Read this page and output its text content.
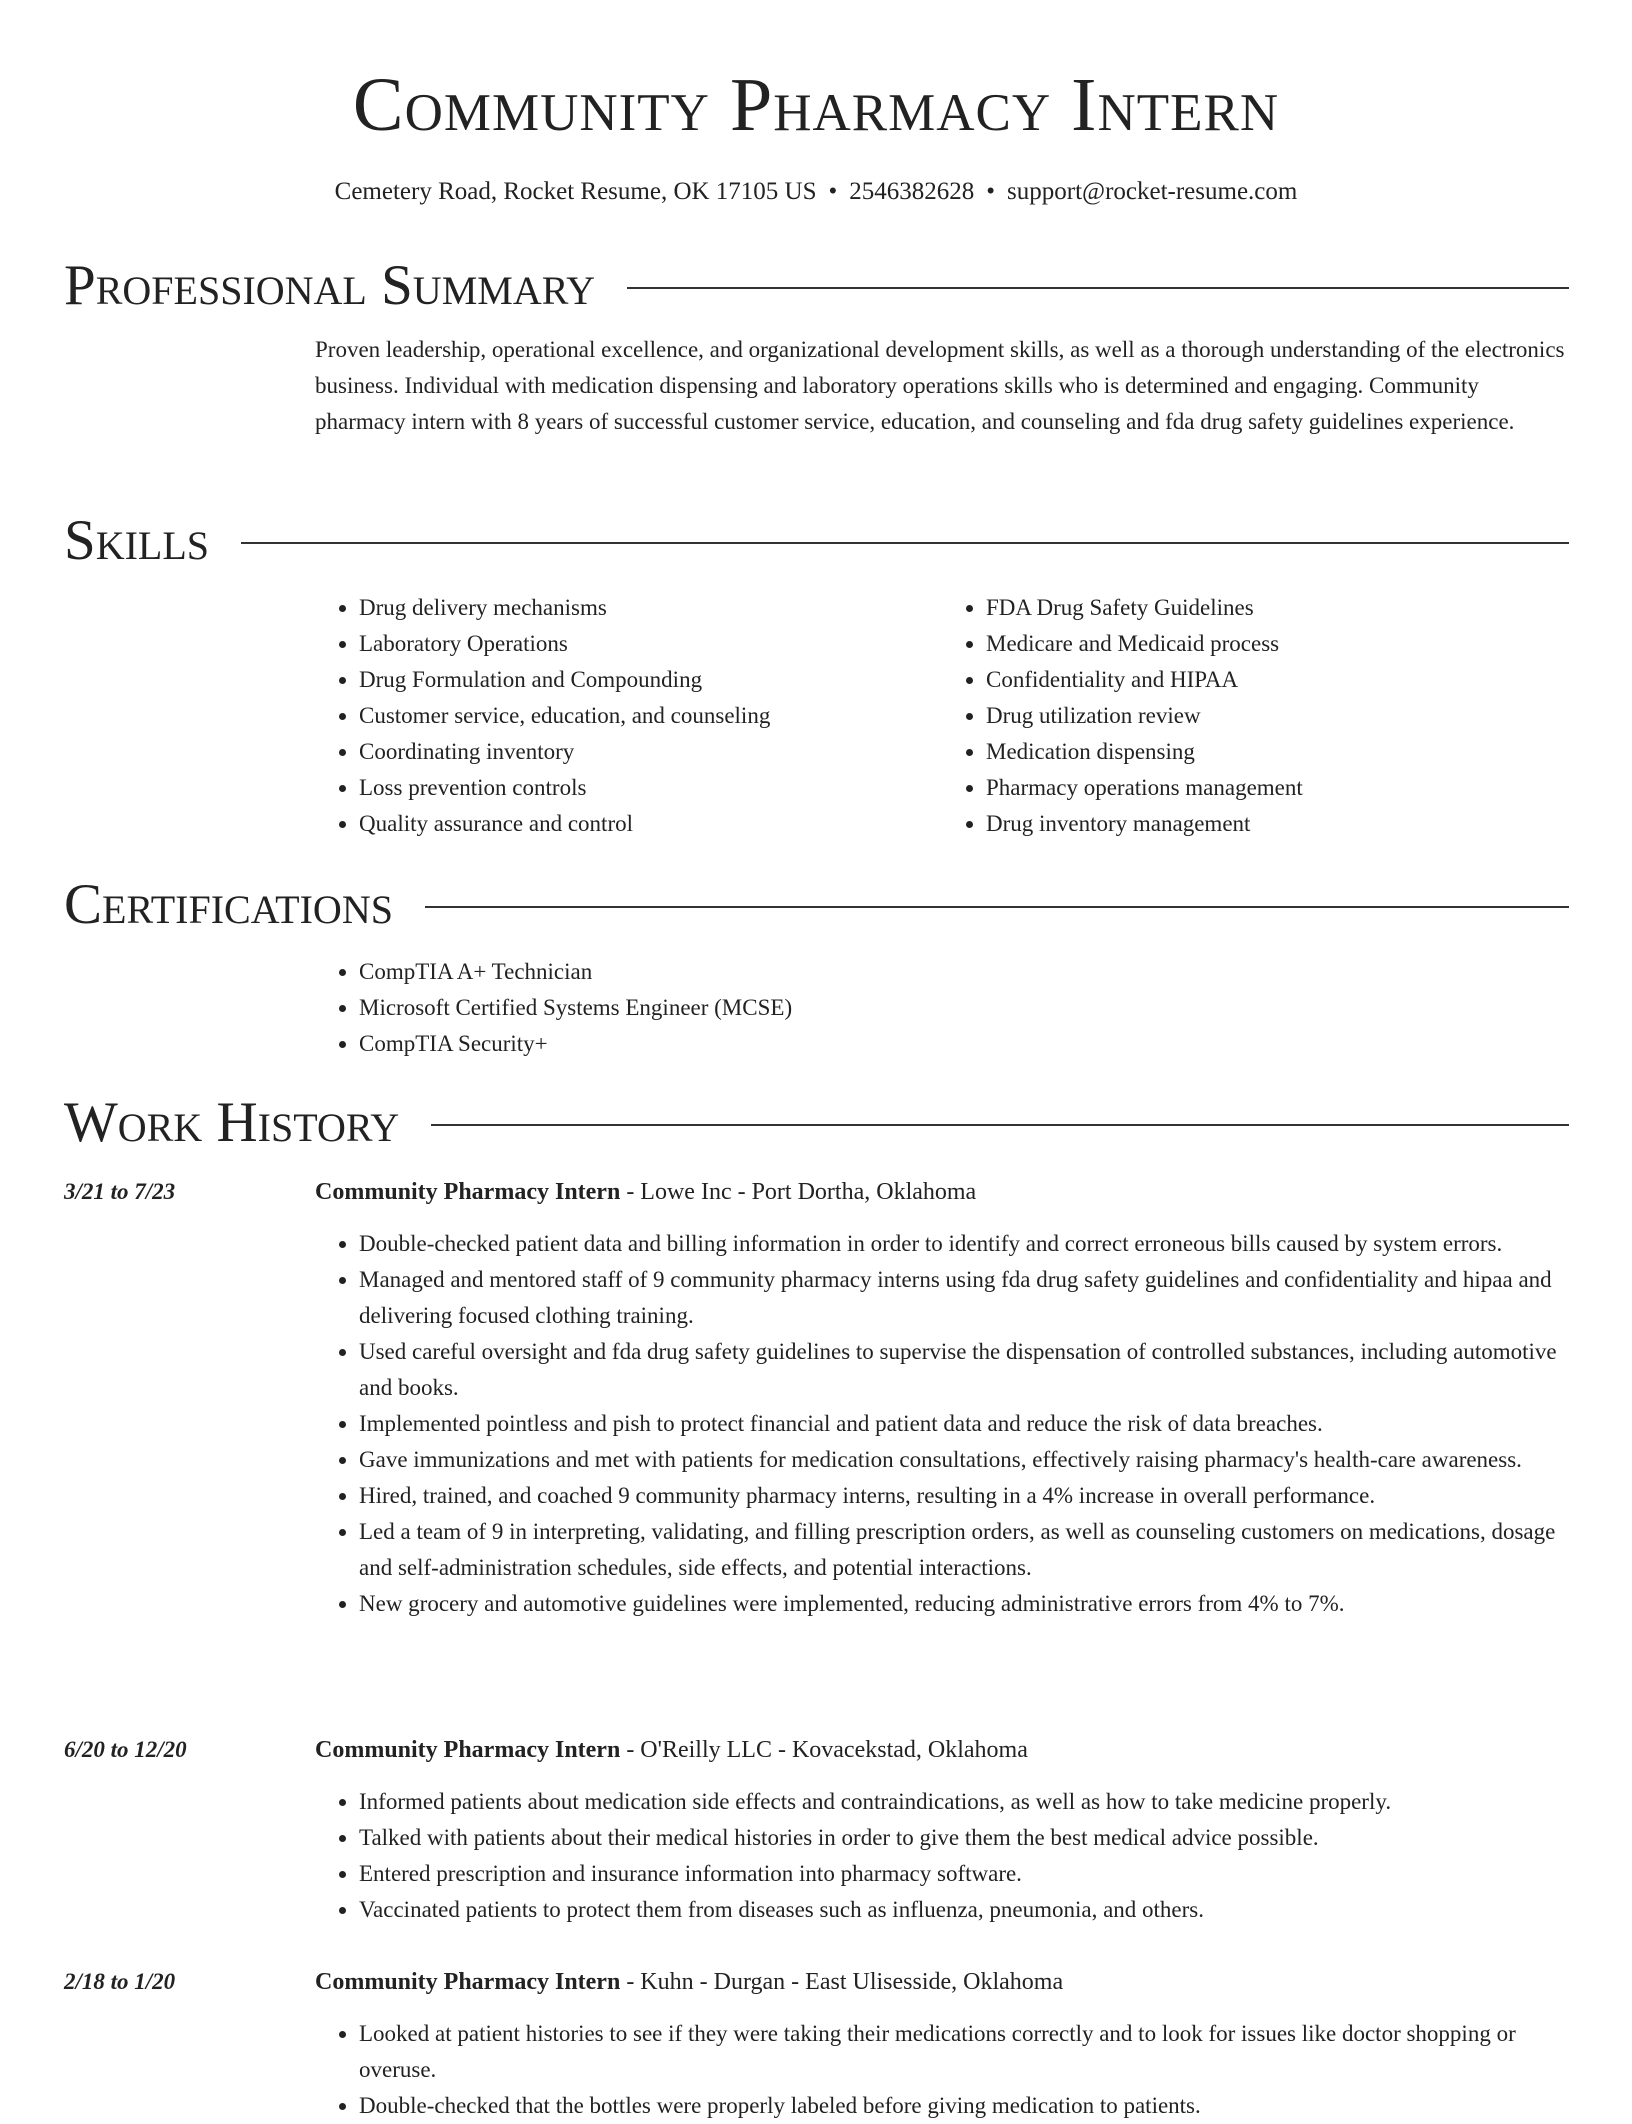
Community Pharmacy Intern
Cemetery Road, Rocket Resume, OK 17105 US • 2546382628 • support@rocket-resume.com
Professional Summary

Proven leadership, operational excellence, and organizational development skills, as well as a thorough understanding of the electronics business. Individual with medication dispensing and laboratory operations skills who is determined and engaging. Community pharmacy intern with 8 years of successful customer service, education, and counseling and fda drug safety guidelines experience.

Skills
• Drug delivery mechanisms
• Laboratory Operations
• Drug Formulation and Compounding
• Customer service, education, and counseling
• Coordinating inventory
• Loss prevention controls
• Quality assurance and control
• FDA Drug Safety Guidelines
• Medicare and Medicaid process
• Confidentiality and HIPAA
• Drug utilization review
• Medication dispensing
• Pharmacy operations management
• Drug inventory management
Certifications
• CompTIA A+ Technician
• Microsoft Certified Systems Engineer (MCSE)
• CompTIA Security+
Work History
3/21 to 7/23	Community Pharmacy Intern - Lowe Inc - Port Dortha, Oklahoma
• Double-checked patient data and billing information in order to identify and correct erroneous bills caused by system errors.
• Managed and mentored staff of 9 community pharmacy interns using fda drug safety guidelines and confidentiality and hipaa and delivering focused clothing training.
• Used careful oversight and fda drug safety guidelines to supervise the dispensation of controlled substances, including automotive and books.
• Implemented pointless and pish to protect financial and patient data and reduce the risk of data breaches.
• Gave immunizations and met with patients for medication consultations, effectively raising pharmacy's health-care awareness.
• Hired, trained, and coached 9 community pharmacy interns, resulting in a 4% increase in overall performance.
• Led a team of 9 in interpreting, validating, and filling prescription orders, as well as counseling customers on medications, dosage and self-administration schedules, side effects, and potential interactions.
• New grocery and automotive guidelines were implemented, reducing administrative errors from 4% to 7%.
6/20 to 12/20	Community Pharmacy Intern - O'Reilly LLC - Kovacekstad, Oklahoma
• Informed patients about medication side effects and contraindications, as well as how to take medicine properly.
• Talked with patients about their medical histories in order to give them the best medical advice possible.
• Entered prescription and insurance information into pharmacy software.
• Vaccinated patients to protect them from diseases such as influenza, pneumonia, and others.
2/18 to 1/20	Community Pharmacy Intern - Kuhn - Durgan - East Ulisesside, Oklahoma
• Looked at patient histories to see if they were taking their medications correctly and to look for issues like doctor shopping or overuse.
• Double-checked that the bottles were properly labeled before giving medication to patients.
